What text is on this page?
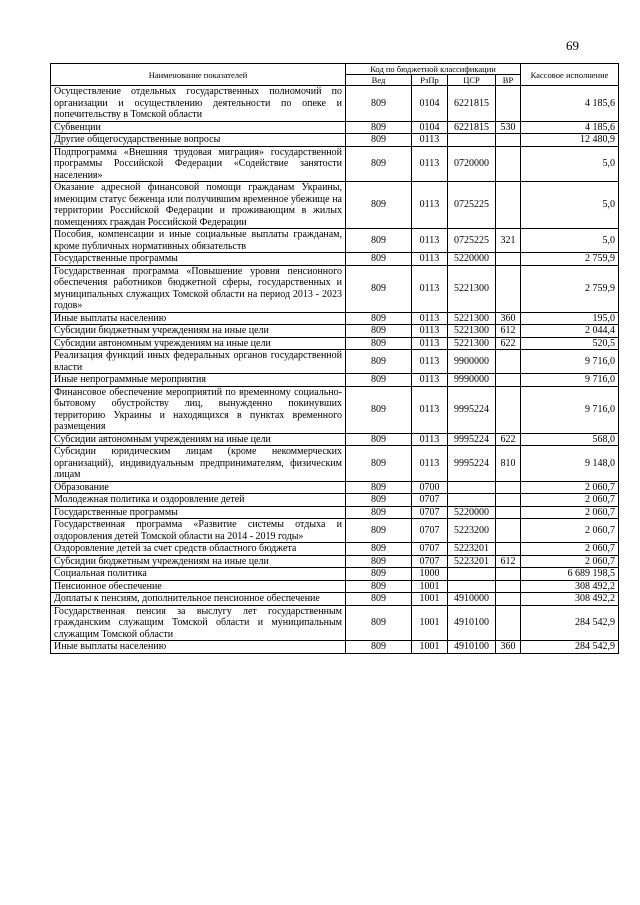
69
Наименование показателей	Код по бюджетной классификации				Кассовое исполнение
	Вед	РзПр	ЦСР	ВР	
Осуществление отдельных государственных полномочий по организации и осуществлению деятельности по опеке и попечительству в Томской области	809	0104	6221815		4 185,6
Субвенции	809	0104	6221815	530	4 185,6
Другие общегосударственные вопросы	809	0113			12 480,9
Подпрограмма «Внешняя трудовая миграция» государственной программы Российской Федерации «Содействие занятости населения»	809	0113	0720000		5,0
Оказание адресной финансовой помощи гражданам Украины, имеющим статус беженца или получившим временное убежище на территории Российской Федерации и проживающим в жилых помещениях граждан Российской Федерации	809	0113	0725225		5,0
Пособия, компенсации и иные социальные выплаты гражданам, кроме публичных нормативных обязательств	809	0113	0725225	321	5,0
Государственные программы	809	0113	5220000		2 759,9
Государственная программа «Повышение уровня пенсионного обеспечения работников бюджетной сферы, государственных и муниципальных служащих Томской области на период 2013 - 2023 годов»	809	0113	5221300		2 759,9
Иные выплаты населению	809	0113	5221300	360	195,0
Субсидии бюджетным учреждениям на иные цели	809	0113	5221300	612	2 044,4
Субсидии автономным учреждениям на иные цели	809	0113	5221300	622	520,5
Реализация функций иных федеральных органов государственной власти	809	0113	9900000		9 716,0
Иные непрограммные мероприятия	809	0113	9990000		9 716,0
Финансовое обеспечение мероприятий по временному социально-бытовому обустройству лиц, вынужденно покинувших территорию Украины и находящихся в пунктах временного размещения	809	0113	9995224		9 716,0
Субсидии автономным учреждениям на иные цели	809	0113	9995224	622	568,0
Субсидии юридическим лицам (кроме некоммерческих организаций), индивидуальным предпринимателям, физическим лицам	809	0113	9995224	810	9 148,0
Образование	809	0700			2 060,7
Молодежная политика и оздоровление детей	809	0707			2 060,7
Государственные программы	809	0707	5220000		2 060,7
Государственная программа «Развитие системы отдыха и оздоровления детей Томской области на 2014 - 2019 годы»	809	0707	5223200		2 060,7
Оздоровление детей за счет средств областного бюджета	809	0707	5223201		2 060,7
Субсидии бюджетным учреждениям на иные цели	809	0707	5223201	612	2 060,7
Социальная политика	809	1000			6 689 198,5
Пенсионное обеспечение	809	1001			308 492,2
Доплаты к пенсиям, дополнительное пенсионное обеспечение	809	1001	4910000		308 492,2
Государственная пенсия за выслугу лет государственным гражданским служащим Томской области и муниципальным служащим Томской области	809	1001	4910100		284 542,9
Иные выплаты населению	809	1001	4910100	360	284 542,9
